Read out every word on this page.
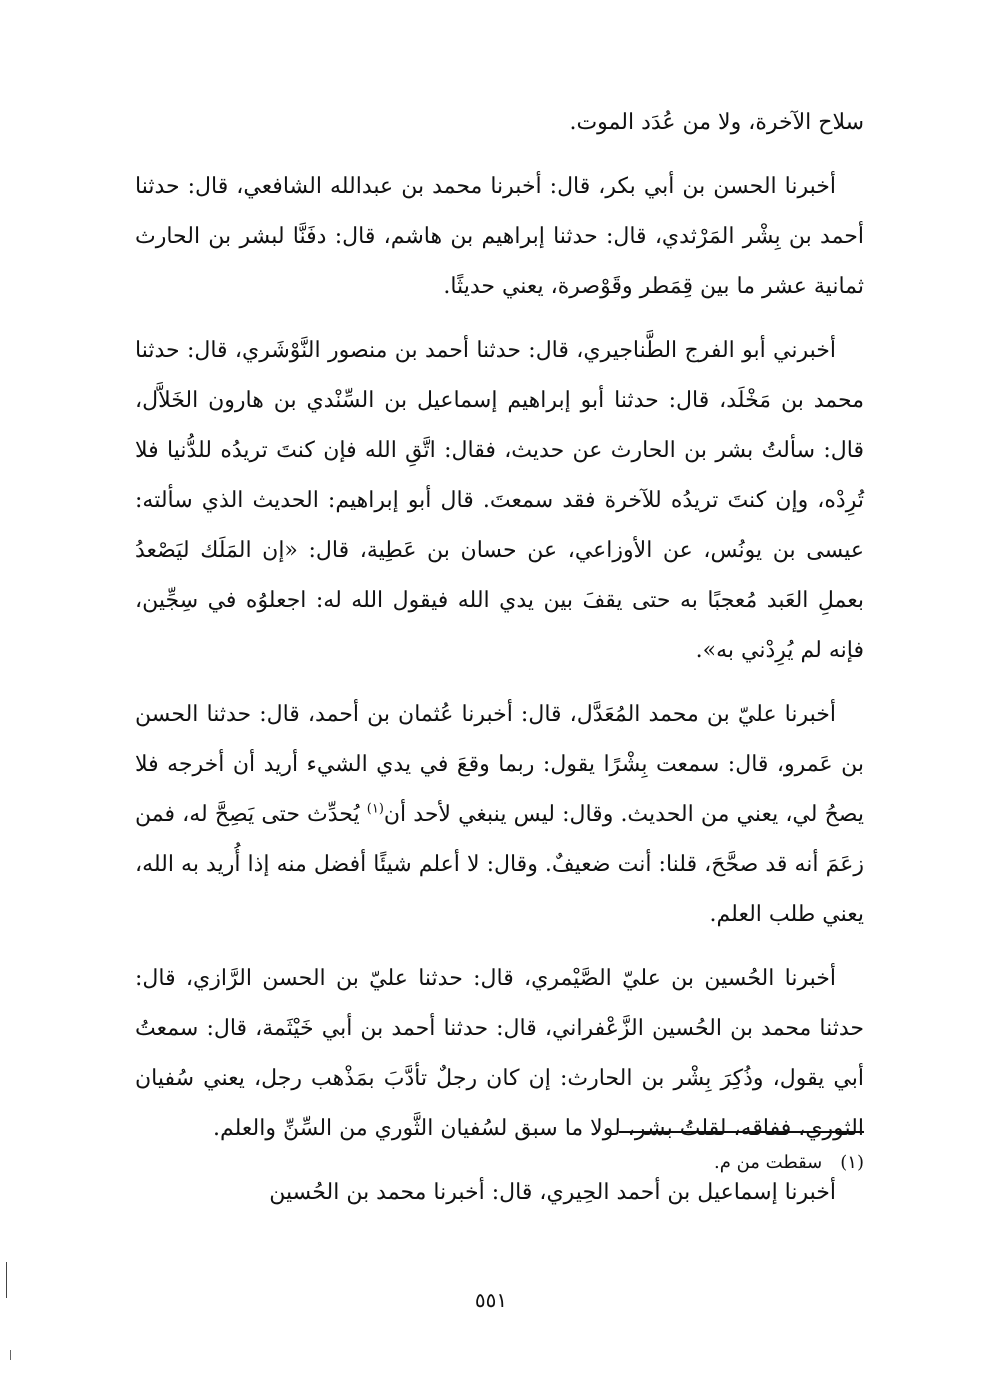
سلاح الآخرة، ولا من عُدَد الموت.

أخبرنا الحسن بن أبي بكر، قال: أخبرنا محمد بن عبدالله الشافعي، قال: حدثنا أحمد بن بِشْر المَرْثدي، قال: حدثنا إبراهيم بن هاشم، قال: دفَنَّا لبشر بن الحارث ثمانية عشر ما بين قِمَطر وقَوْصرة، يعني حديثًا.

أخبرني أبو الفرج الطَّناجيري، قال: حدثنا أحمد بن منصور النَّوْشَري، قال: حدثنا محمد بن مَخْلَد، قال: حدثنا أبو إبراهيم إسماعيل بن السِّنْدي بن هارون الخَلاَّل، قال: سألتُ بشر بن الحارث عن حديث، فقال: اتَّقِ الله فإن كنتَ تريدُه للدُّنيا فلا تُرِدْه، وإن كنتَ تريدُه للآخرة فقد سمعتَ. قال أبو إبراهيم: الحديث الذي سألته: عيسى بن يونُس، عن الأوزاعي، عن حسان بن عَطِية، قال: «إن المَلَك ليَصْعدُ بعملِ العَبد مُعجبًا به حتى يقفَ بين يدي الله فيقول الله له: اجعلوُه في سِجِّين، فإنه لم يُرِدْني به».

أخبرنا عليّ بن محمد المُعَدَّل، قال: أخبرنا عُثمان بن أحمد، قال: حدثنا الحسن بن عَمرو، قال: سمعت بِشْرًا يقول: ربما وقعَ في يدي الشيء أريد أن أخرجه فلا يصحُ لي، يعني من الحديث. وقال: ليس ينبغي لأحد أن$^{(١)}$ يُحدِّث حتى يَصِحَّ له، فمن زعَمَ أنه قد صحَّحَ، قلنا: أنت ضعيفٌ. وقال: لا أعلم شيئًا أفضل منه إذا أُريد به الله، يعني طلب العلم.

أخبرنا الحُسين بن عليّ الصَّيْمري، قال: حدثنا عليّ بن الحسن الرَّازي، قال: حدثنا محمد بن الحُسين الزَّعْفراني، قال: حدثنا أحمد بن أبي خَيْثَمة، قال: سمعتُ أبي يقول، وذُكِرَ بِشْر بن الحارث: إن كان رجلٌ تأدَّبَ بمَذْهب رجل، يعني سُفيان الثوري، ففاقه، لقلتُ بشر، لولا ما سبق لسُفيان الثَّوري من السِّنِّ والعلم.

أخبرنا إسماعيل بن أحمد الحِيري، قال: أخبرنا محمد بن الحُسين

(١)سقطت من م.
٥٥١
